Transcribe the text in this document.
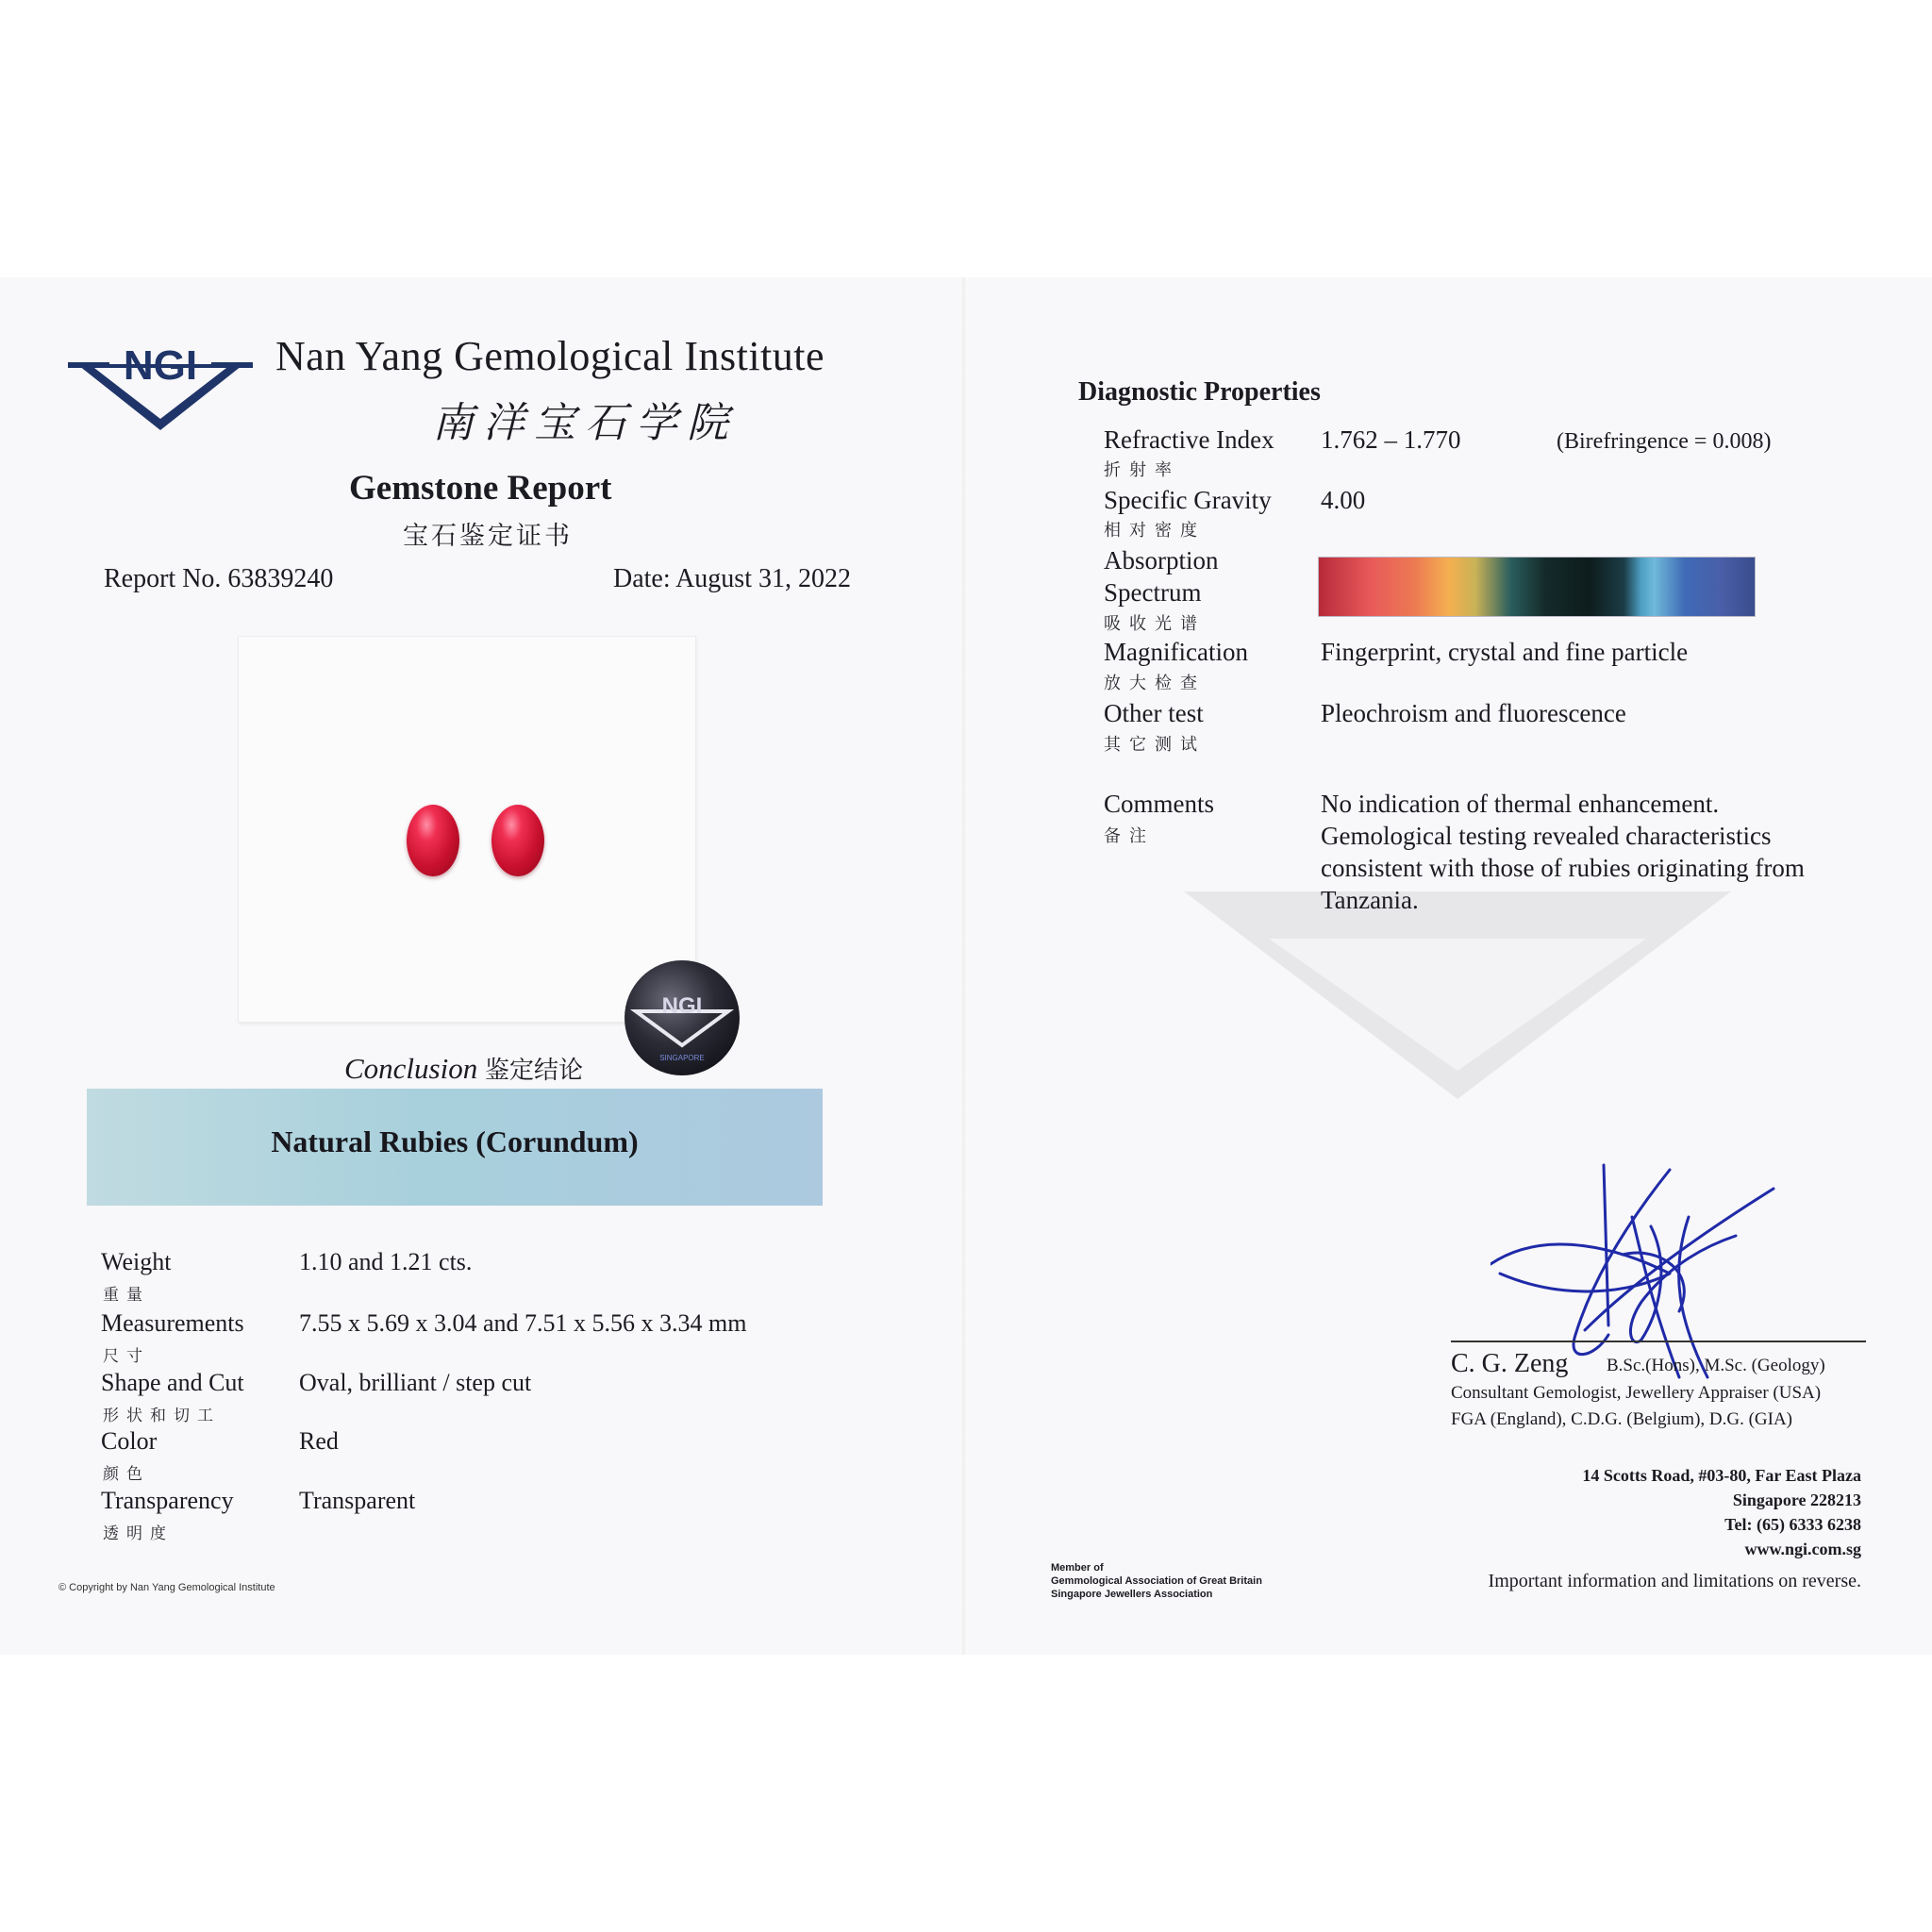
NGI Nan Yang Gemological Institute
南洋宝石学院
Gemstone Report
宝石鉴定证书
Report No. 63839240	Date: August 31, 2022
NGI
SINGAPORE
Conclusion 鉴定结论
Natural Rubies (Corundum)
Weight
重量
1.10 and 1.21 cts.
Measurements
尺寸
7.55 x 5.69 x 3.04 and 7.51 x 5.56 x 3.34 mm
Shape and Cut
形状和切工
Oval, brilliant / step cut
Color
颜色
Red
Transparency
透明度
Transparent
© Copyright by Nan Yang Gemological Institute
Diagnostic Properties
Refractive Index
折射率
1.762 – 1.770	(Birefringence = 0.008)
Specific Gravity
相对密度
4.00
Absorption
Spectrum
吸收光谱
Magnification
放大检查
Fingerprint, crystal and fine particle
Other test
其它测试
Pleochroism and fluorescence
Comments
备注
No indication of thermal enhancement.
Gemological testing revealed characteristics
consistent with those of rubies originating from
Tanzania.
C. G. Zeng B.Sc.(Hons), M.Sc. (Geology)
Consultant Gemologist, Jewellery Appraiser (USA)
FGA (England), C.D.G. (Belgium), D.G. (GIA)
14 Scotts Road, #03-80, Far East Plaza
Singapore 228213
Tel: (65) 6333 6238
www.ngi.com.sg
Member of
Gemmological Association of Great Britain
Singapore Jewellers Association
Important information and limitations on reverse.
